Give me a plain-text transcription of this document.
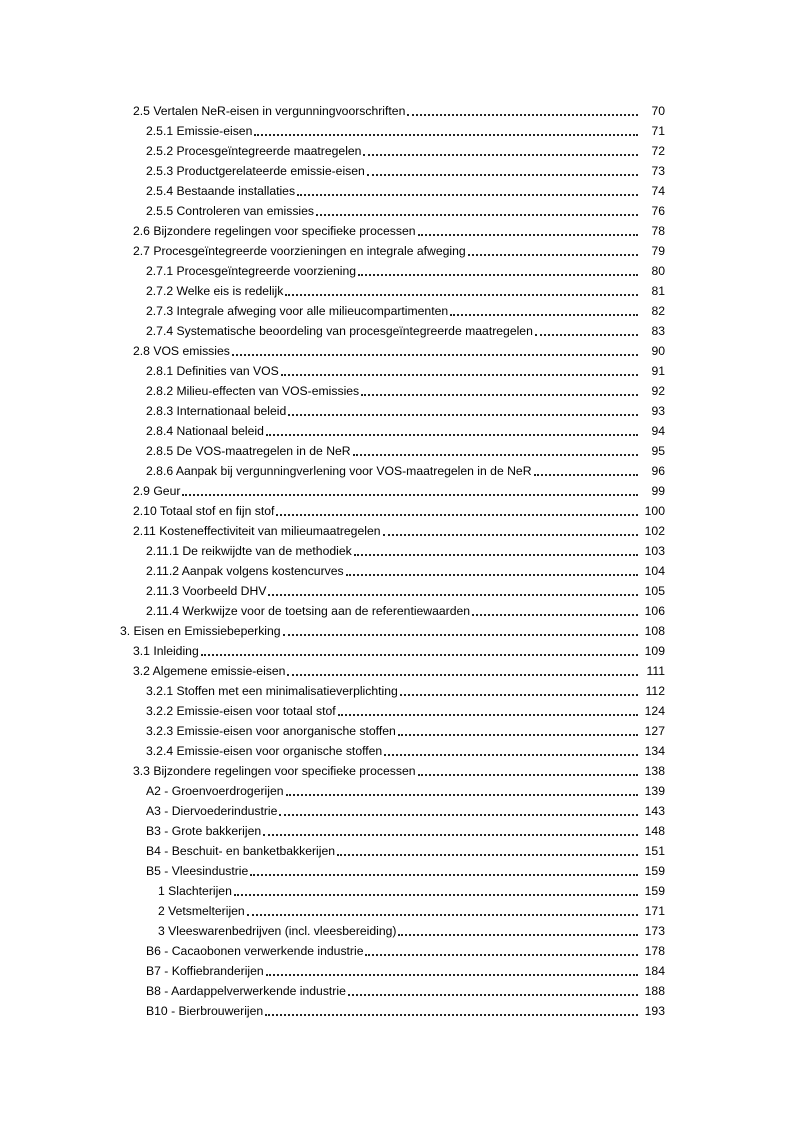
2.5 Vertalen NeR-eisen in vergunningvoorschriften	70
2.5.1 Emissie-eisen	71
2.5.2 Procesgeïntegreerde maatregelen	72
2.5.3 Productgerelateerde emissie-eisen	73
2.5.4 Bestaande installaties	74
2.5.5 Controleren van emissies	76
2.6 Bijzondere regelingen voor specifieke processen	78
2.7 Procesgeïntegreerde voorzieningen en integrale afweging	79
2.7.1 Procesgeïntegreerde voorziening	80
2.7.2 Welke eis is redelijk	81
2.7.3 Integrale afweging voor alle milieucompartimenten	82
2.7.4 Systematische beoordeling van procesgeïntegreerde maatregelen	83
2.8 VOS emissies	90
2.8.1 Definities van VOS	91
2.8.2 Milieu-effecten van VOS-emissies	92
2.8.3 Internationaal beleid	93
2.8.4 Nationaal beleid	94
2.8.5 De VOS-maatregelen in de NeR	95
2.8.6 Aanpak bij vergunningverlening voor VOS-maatregelen in de NeR	96
2.9 Geur	99
2.10 Totaal stof en fijn stof	100
2.11 Kosteneffectiviteit van milieumaatregelen	102
2.11.1 De reikwijdte van de methodiek	103
2.11.2 Aanpak volgens kostencurves	104
2.11.3 Voorbeeld DHV	105
2.11.4 Werkwijze voor de toetsing aan de referentiewaarden	106
3. Eisen en Emissiebeperking	108
3.1 Inleiding	109
3.2 Algemene emissie-eisen	111
3.2.1 Stoffen met een minimalisatieverplichting	112
3.2.2 Emissie-eisen voor totaal stof	124
3.2.3 Emissie-eisen voor anorganische stoffen	127
3.2.4 Emissie-eisen voor organische stoffen	134
3.3 Bijzondere regelingen voor specifieke processen	138
A2 - Groenvoerdrogerijen	139
A3 - Diervoederindustrie	143
B3 - Grote bakkerijen	148
B4 - Beschuit- en banketbakkerijen	151
B5 - Vleesindustrie	159
1 Slachterijen	159
2 Vetsmelterijen	171
3 Vleeswarenbedrijven (incl. vleesbereiding)	173
B6 - Cacaobonen verwerkende industrie	178
B7 - Koffiebranderijen	184
B8 - Aardappelverwerkende industrie	188
B10 - Bierbrouwerijen	193
